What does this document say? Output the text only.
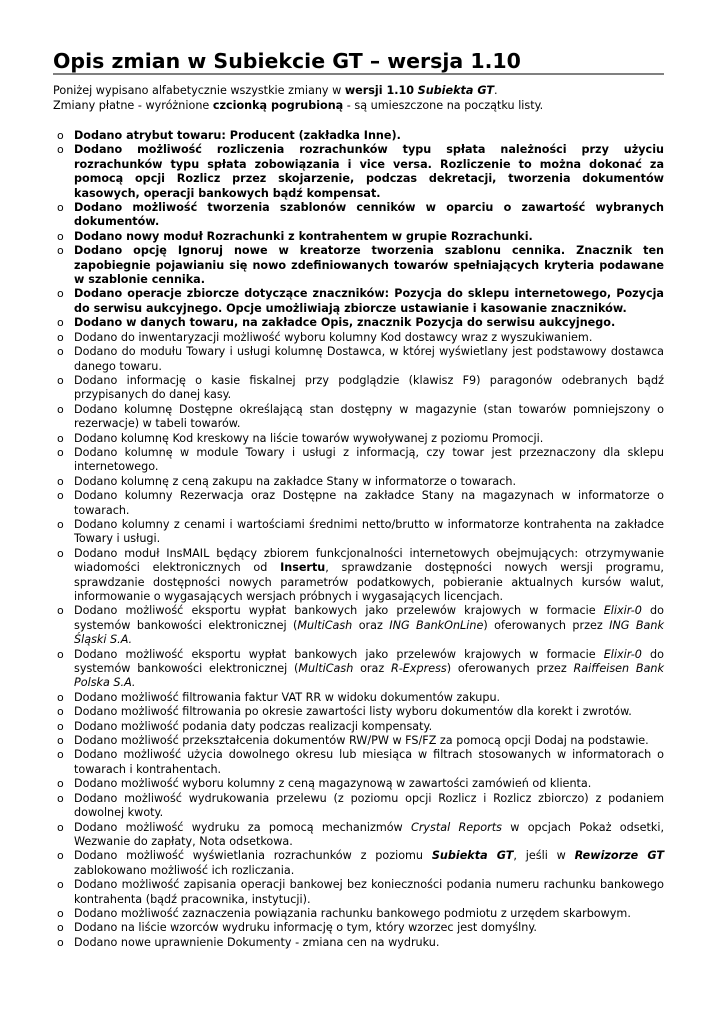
Opis zmian w Subiekcie GT – wersja 1.10

Poniżej wypisano alfabetycznie wszystkie zmiany w wersji 1.10 Subiekta GT.

Zmiany płatne - wyróżnione czcionką pogrubioną - są umieszczone na początku listy.

o Dodano atrybut towaru: Producent (zakładka Inne).
o Dodano możliwość rozliczenia rozrachunków typu spłata należności przy użyciu rozrachunków typu spłata zobowiązania i vice versa. Rozliczenie to można dokonać za pomocą opcji Rozlicz przez skojarzenie, podczas dekretacji, tworzenia dokumentów kasowych, operacji bankowych bądź kompensat.
o Dodano możliwość tworzenia szablonów cenników w oparciu o zawartość wybranych dokumentów.
o Dodano nowy moduł Rozrachunki z kontrahentem w grupie Rozrachunki.
o Dodano opcję Ignoruj nowe w kreatorze tworzenia szablonu cennika. Znacznik ten zapobiegnie pojawianiu się nowo zdefiniowanych towarów spełniających kryteria podawane w szablonie cennika.
o Dodano operacje zbiorcze dotyczące znaczników: Pozycja do sklepu internetowego, Pozycja do serwisu aukcyjnego. Opcje umożliwiają zbiorcze ustawianie i kasowanie znaczników.
o Dodano w danych towaru, na zakładce Opis, znacznik Pozycja do serwisu aukcyjnego.
o Dodano do inwentaryzacji możliwość wyboru kolumny Kod dostawcy wraz z wyszukiwaniem.
o Dodano do modułu Towary i usługi kolumnę Dostawca, w której wyświetlany jest podstawowy dostawca danego towaru.
o Dodano informację o kasie fiskalnej przy podglądzie (klawisz F9) paragonów odebranych bądź przypisanych do danej kasy.
o Dodano kolumnę Dostępne określającą stan dostępny w magazynie (stan towarów pomniejszony o rezerwacje) w tabeli towarów.
o Dodano kolumnę Kod kreskowy na liście towarów wywoływanej z poziomu Promocji.
o Dodano kolumnę w module Towary i usługi z informacją, czy towar jest przeznaczony dla sklepu internetowego.
o Dodano kolumnę z ceną zakupu na zakładce Stany w informatorze o towarach.
o Dodano kolumny Rezerwacja oraz Dostępne na zakładce Stany na magazynach w informatorze o towarach.
o Dodano kolumny z cenami i wartościami średnimi netto/brutto w informatorze kontrahenta na zakładce Towary i usługi.
o Dodano moduł InsMAIL będący zbiorem funkcjonalności internetowych obejmujących: otrzymywanie wiadomości elektronicznych od Insertu, sprawdzanie dostępności nowych wersji programu, sprawdzanie dostępności nowych parametrów podatkowych, pobieranie aktualnych kursów walut, informowanie o wygasających wersjach próbnych i wygasających licencjach.
o Dodano możliwość eksportu wypłat bankowych jako przelewów krajowych w formacie Elixir-0 do systemów bankowości elektronicznej (MultiCash oraz ING BankOnLine) oferowanych przez ING Bank Śląski S.A.
o Dodano możliwość eksportu wypłat bankowych jako przelewów krajowych w formacie Elixir-0 do systemów bankowości elektronicznej (MultiCash oraz R-Express) oferowanych przez Raiffeisen Bank Polska S.A.
o Dodano możliwość filtrowania faktur VAT RR w widoku dokumentów zakupu.
o Dodano możliwość filtrowania po okresie zawartości listy wyboru dokumentów dla korekt i zwrotów.
o Dodano możliwość podania daty podczas realizacji kompensaty.
o Dodano możliwość przekształcenia dokumentów RW/PW w FS/FZ za pomocą opcji Dodaj na podstawie.
o Dodano możliwość użycia dowolnego okresu lub miesiąca w filtrach stosowanych w informatorach o towarach i kontrahentach.
o Dodano możliwość wyboru kolumny z ceną magazynową w zawartości zamówień od klienta.
o Dodano możliwość wydrukowania przelewu (z poziomu opcji Rozlicz i Rozlicz zbiorczo) z podaniem dowolnej kwoty.
o Dodano możliwość wydruku za pomocą mechanizmów Crystal Reports w opcjach Pokaż odsetki, Wezwanie do zapłaty, Nota odsetkowa.
o Dodano możliwość wyświetlania rozrachunków z poziomu Subiekta GT, jeśli w Rewizorze GT zablokowano możliwość ich rozliczania.
o Dodano możliwość zapisania operacji bankowej bez konieczności podania numeru rachunku bankowego kontrahenta (bądź pracownika, instytucji).
o Dodano możliwość zaznaczenia powiązania rachunku bankowego podmiotu z urzędem skarbowym.
o Dodano na liście wzorców wydruku informację o tym, który wzorzec jest domyślny.
o Dodano nowe uprawnienie Dokumenty - zmiana cen na wydruku.
